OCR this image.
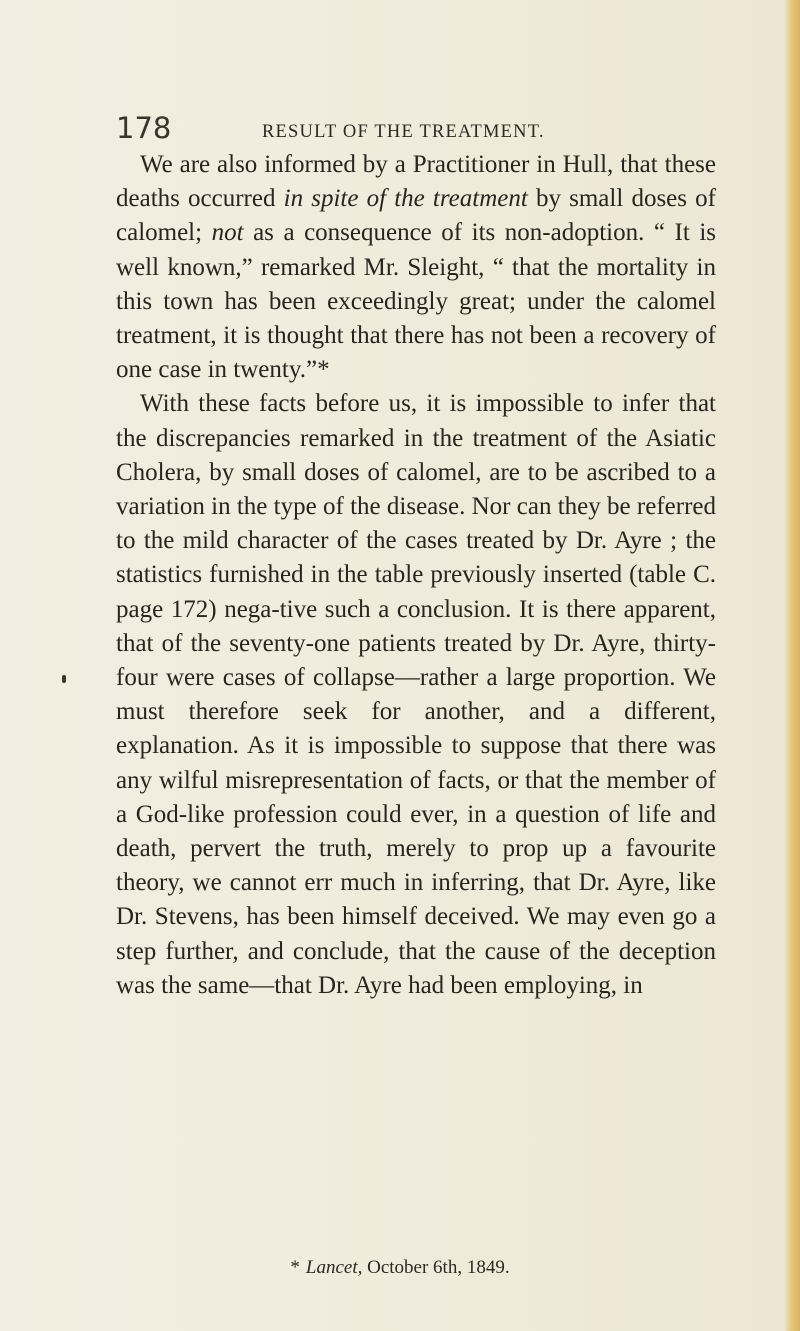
178	RESULT OF THE TREATMENT.

We are also informed by a Practitioner in Hull, that these deaths occurred in spite of the treatment by small doses of calomel; not as a consequence of its non-adoption. “ It is well known,” remarked Mr. Sleight, “ that the mortality in this town has been exceedingly great; under the calomel treatment, it is thought that there has not been a recovery of one case in twenty.”*

With these facts before us, it is impossible to infer that the discrepancies remarked in the treatment of the Asiatic Cholera, by small doses of calomel, are to be ascribed to a variation in the type of the disease. Nor can they be referred to the mild character of the cases treated by Dr. Ayre ; the statistics furnished in the table previously inserted (table C. page 172) nega-tive such a conclusion. It is there apparent, that of the seventy-one patients treated by Dr. Ayre, thirty-four were cases of collapse—rather a large proportion. We must therefore seek for another, and a different, explanation. As it is impossible to suppose that there was any wilful misrepresentation of facts, or that the member of a God-like profession could ever, in a question of life and death, pervert the truth, merely to prop up a favourite theory, we cannot err much in inferring, that Dr. Ayre, like Dr. Stevens, has been himself deceived. We may even go a step further, and conclude, that the cause of the deception was the same—that Dr. Ayre had been employing, in

* Lancet, October 6th, 1849.
